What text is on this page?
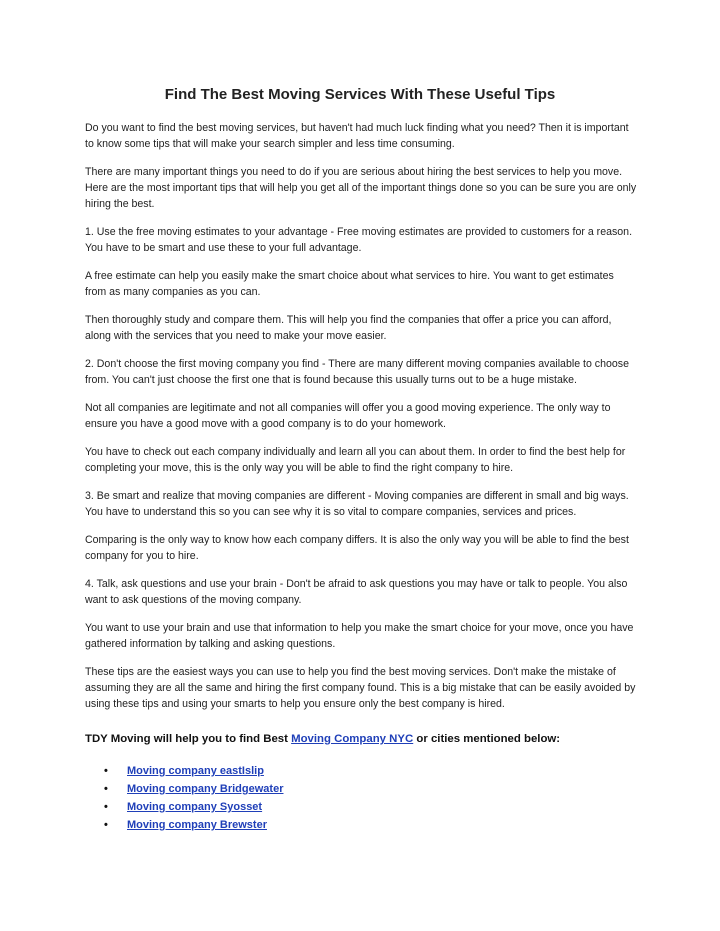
Find The Best Moving Services With These Useful Tips

Do you want to find the best moving services, but haven't had much luck finding what you need? Then it is important to know some tips that will make your search simpler and less time consuming.

There are many important things you need to do if you are serious about hiring the best services to help you move. Here are the most important tips that will help you get all of the important things done so you can be sure you are only hiring the best.

1. Use the free moving estimates to your advantage - Free moving estimates are provided to customers for a reason. You have to be smart and use these to your full advantage.

A free estimate can help you easily make the smart choice about what services to hire. You want to get estimates from as many companies as you can.

Then thoroughly study and compare them. This will help you find the companies that offer a price you can afford, along with the services that you need to make your move easier.

2. Don't choose the first moving company you find - There are many different moving companies available to choose from. You can't just choose the first one that is found because this usually turns out to be a huge mistake.

Not all companies are legitimate and not all companies will offer you a good moving experience. The only way to ensure you have a good move with a good company is to do your homework.

You have to check out each company individually and learn all you can about them. In order to find the best help for completing your move, this is the only way you will be able to find the right company to hire.

3. Be smart and realize that moving companies are different - Moving companies are different in small and big ways. You have to understand this so you can see why it is so vital to compare companies, services and prices.

Comparing is the only way to know how each company differs. It is also the only way you will be able to find the best company for you to hire.

4. Talk, ask questions and use your brain - Don't be afraid to ask questions you may have or talk to people. You also want to ask questions of the moving company.

You want to use your brain and use that information to help you make the smart choice for your move, once you have gathered information by talking and asking questions.

These tips are the easiest ways you can use to help you find the best moving services. Don't make the mistake of assuming they are all the same and hiring the first company found. This is a big mistake that can be easily avoided by using these tips and using your smarts to help you ensure only the best company is hired.

TDY Moving will help you to find Best Moving Company NYC or cities mentioned below:

• Moving company eastIslip
• Moving company Bridgewater
• Moving company Syosset
• Moving company Brewster
